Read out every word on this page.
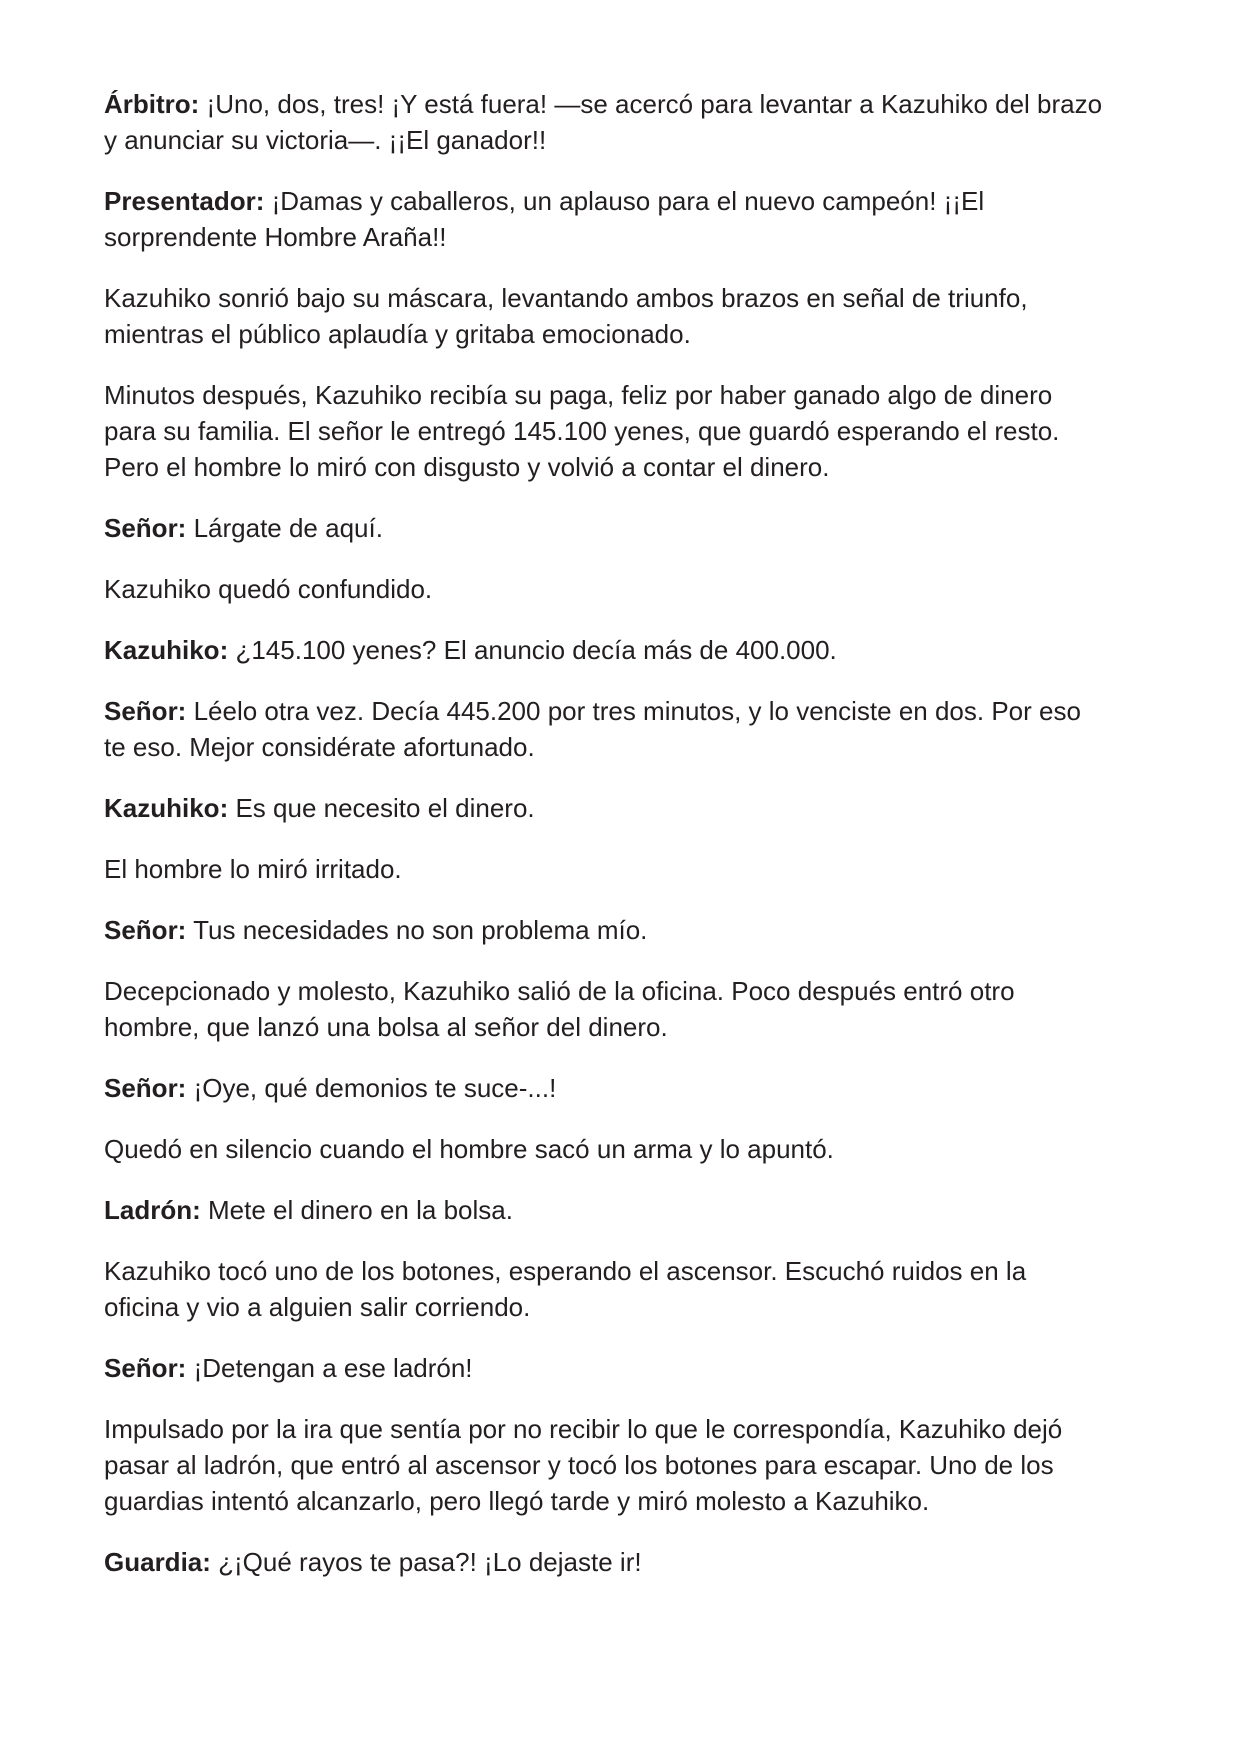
Árbitro: ¡Uno, dos, tres! ¡Y está fuera! —se acercó para levantar a Kazuhiko del brazo y anunciar su victoria—. ¡¡El ganador!!

Presentador: ¡Damas y caballeros, un aplauso para el nuevo campeón! ¡¡El sorprendente Hombre Araña!!

Kazuhiko sonrió bajo su máscara, levantando ambos brazos en señal de triunfo, mientras el público aplaudía y gritaba emocionado.

Minutos después, Kazuhiko recibía su paga, feliz por haber ganado algo de dinero para su familia. El señor le entregó 145.100 yenes, que guardó esperando el resto. Pero el hombre lo miró con disgusto y volvió a contar el dinero.

Señor: Lárgate de aquí.

Kazuhiko quedó confundido.

Kazuhiko: ¿145.100 yenes? El anuncio decía más de 400.000.

Señor: Léelo otra vez. Decía 445.200 por tres minutos, y lo venciste en dos. Por eso te eso. Mejor considérate afortunado.

Kazuhiko: Es que necesito el dinero.

El hombre lo miró irritado.

Señor: Tus necesidades no son problema mío.

Decepcionado y molesto, Kazuhiko salió de la oficina. Poco después entró otro hombre, que lanzó una bolsa al señor del dinero.

Señor: ¡Oye, qué demonios te suce-...!

Quedó en silencio cuando el hombre sacó un arma y lo apuntó.

Ladrón: Mete el dinero en la bolsa.

Kazuhiko tocó uno de los botones, esperando el ascensor. Escuchó ruidos en la oficina y vio a alguien salir corriendo.

Señor: ¡Detengan a ese ladrón!

Impulsado por la ira que sentía por no recibir lo que le correspondía, Kazuhiko dejó pasar al ladrón, que entró al ascensor y tocó los botones para escapar. Uno de los guardias intentó alcanzarlo, pero llegó tarde y miró molesto a Kazuhiko.

Guardia: ¿¡Qué rayos te pasa?! ¡Lo dejaste ir!
